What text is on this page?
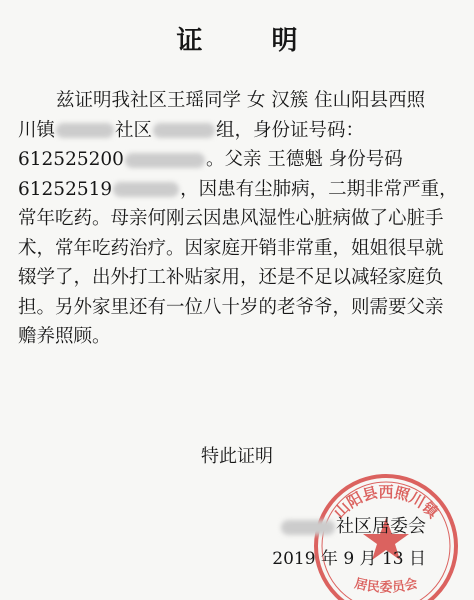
证 明
兹证明我社区王瑶同学 女 汉簇 住山阳县西照
川镇	社区	组，身份证号码：
612525200	。父亲 王德魁 身份号码
61252519	，因患有尘肺病，二期非常严重，
常年吃药。母亲何刚云因患风湿性心脏病做了心脏手
术，常年吃药治疗。因家庭开销非常重，姐姐很早就
辍学了，出外打工补贴家用，还是不足以减轻家庭负
担。另外家里还有一位八十岁的老爷爷，则需要父亲
赡养照顾。
特此证明
山阳县西照川镇
居民委员会
社区居委会
2019 年 9 月 13 日
